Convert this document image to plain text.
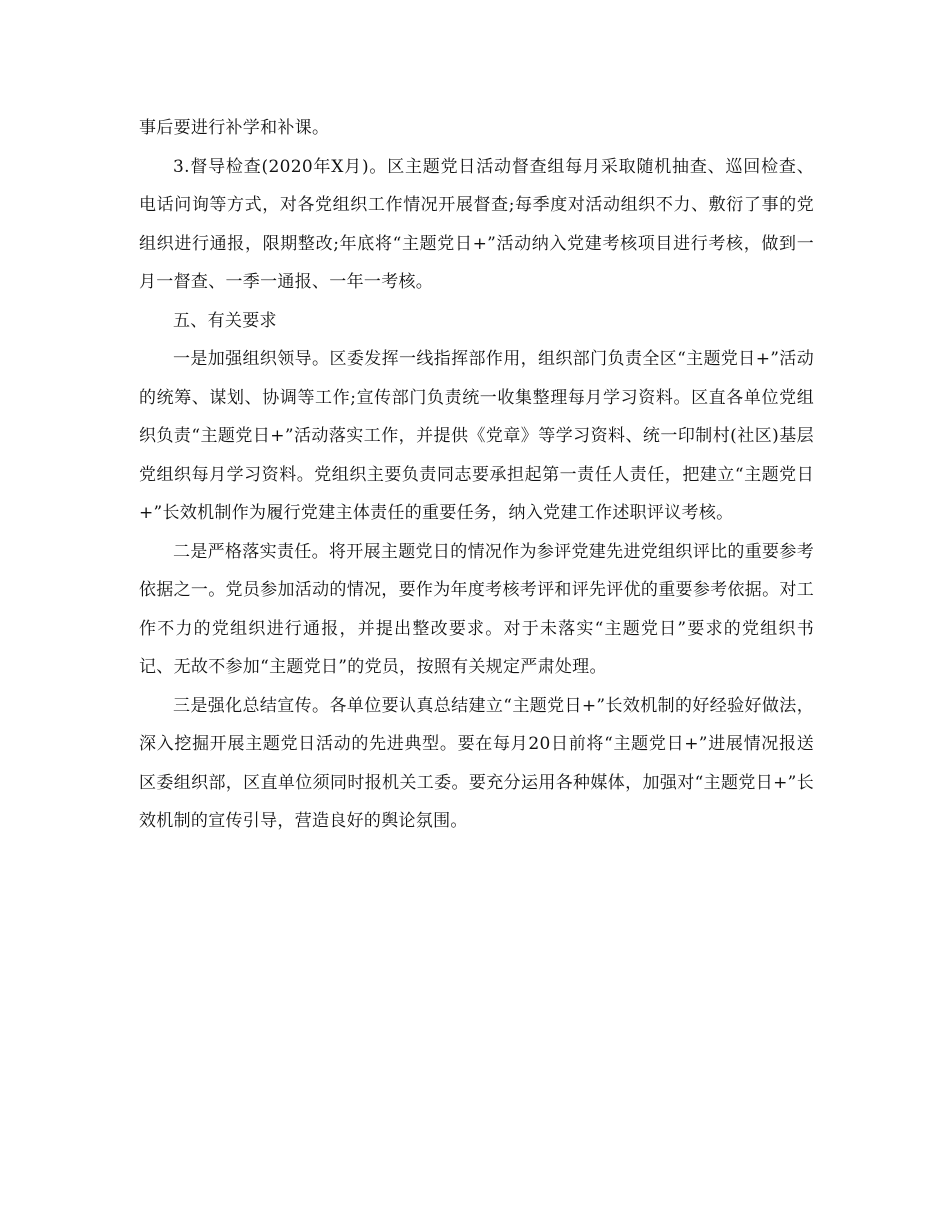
事后要进行补学和补课。

3.督导检查(2020年X月)。区主题党日活动督查组每月采取随机抽查、巡回检查、电话问询等方式，对各党组织工作情况开展督查;每季度对活动组织不力、敷衍了事的党组织进行通报，限期整改;年底将“主题党日+”活动纳入党建考核项目进行考核，做到一月一督查、一季一通报、一年一考核。

五、有关要求

一是加强组织领导。区委发挥一线指挥部作用，组织部门负责全区“主题党日+”活动的统筹、谋划、协调等工作;宣传部门负责统一收集整理每月学习资料。区直各单位党组织负责“主题党日+”活动落实工作，并提供《党章》等学习资料、统一印制村(社区)基层党组织每月学习资料。党组织主要负责同志要承担起第一责任人责任，把建立“主题党日+”长效机制作为履行党建主体责任的重要任务，纳入党建工作述职评议考核。

二是严格落实责任。将开展主题党日的情况作为参评党建先进党组织评比的重要参考依据之一。党员参加活动的情况，要作为年度考核考评和评先评优的重要参考依据。对工作不力的党组织进行通报，并提出整改要求。对于未落实“主题党日”要求的党组织书记、无故不参加“主题党日”的党员，按照有关规定严肃处理。

三是强化总结宣传。各单位要认真总结建立“主题党日+”长效机制的好经验好做法，深入挖掘开展主题党日活动的先进典型。要在每月20日前将“主题党日+”进展情况报送区委组织部，区直单位须同时报机关工委。要充分运用各种媒体，加强对“主题党日+”长效机制的宣传引导，营造良好的舆论氛围。
